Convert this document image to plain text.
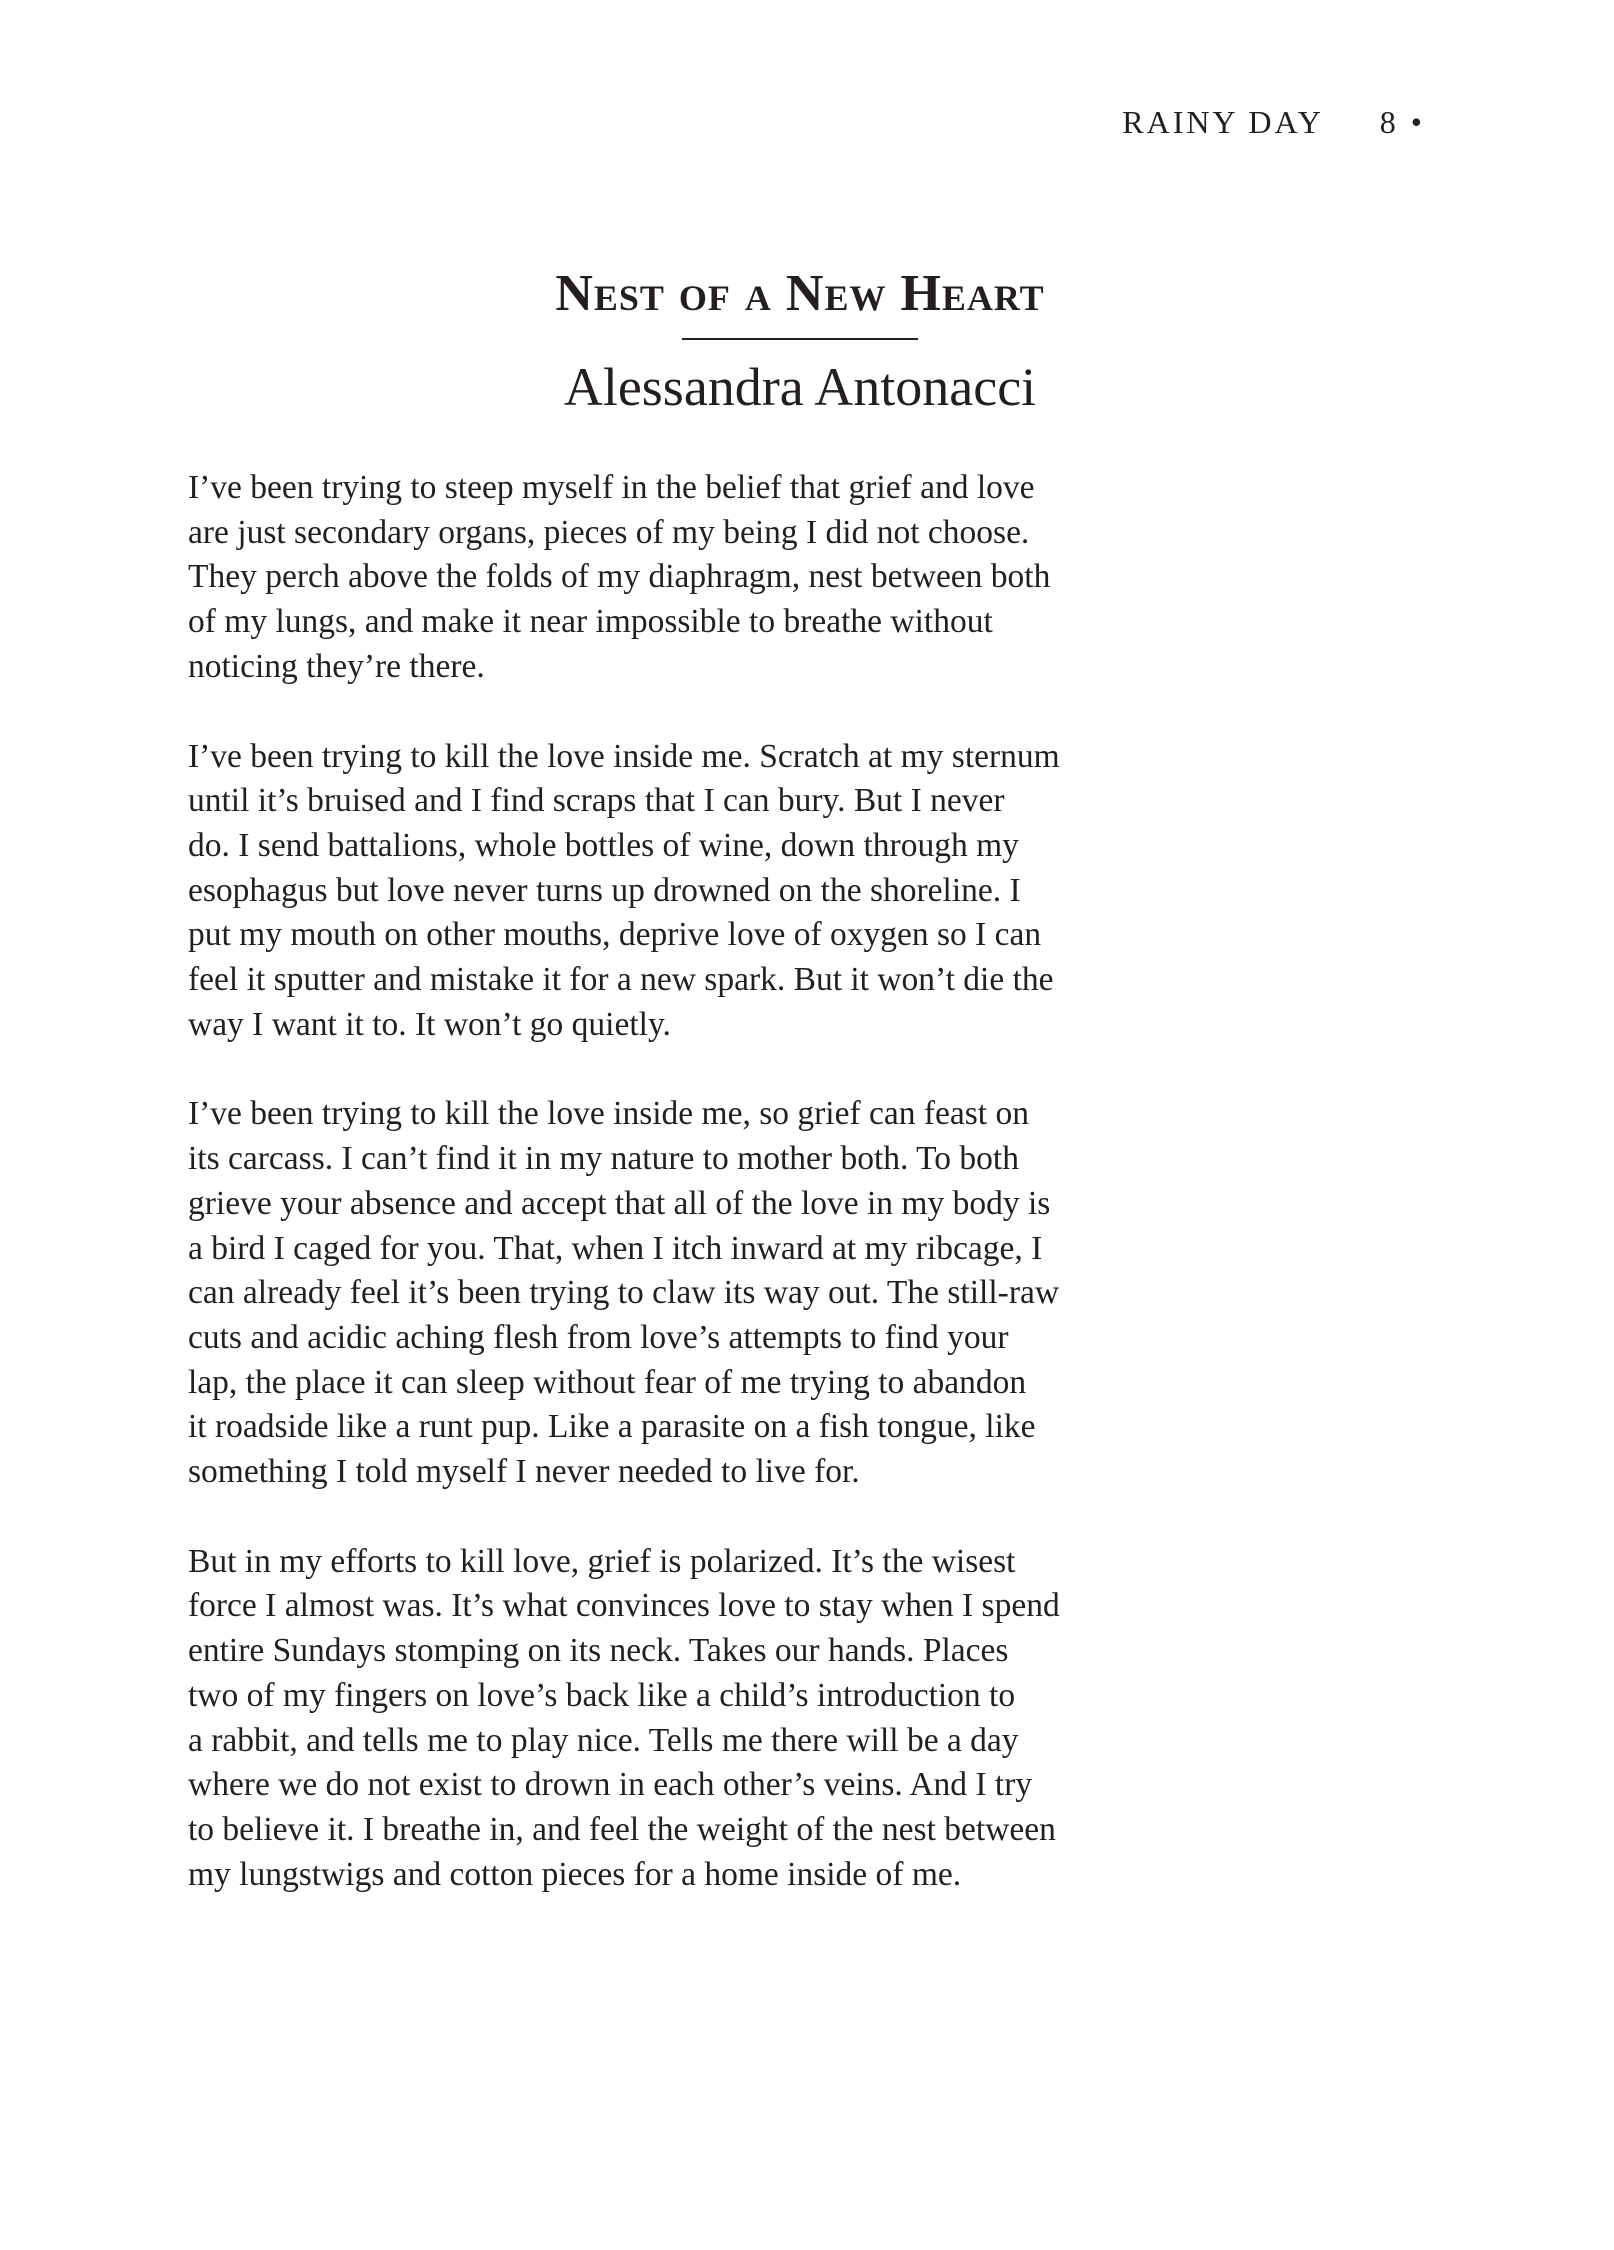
RAINY DAY 8 •
Nest of a New Heart
Alessandra Antonacci

I’ve been trying to steep myself in the belief that grief and love
are just secondary organs, pieces of my being I did not choose.
They perch above the folds of my diaphragm, nest between both
of my lungs, and make it near impossible to breathe without
noticing they’re there.

I’ve been trying to kill the love inside me. Scratch at my sternum
until it’s bruised and I find scraps that I can bury. But I never
do. I send battalions, whole bottles of wine, down through my
esophagus but love never turns up drowned on the shoreline. I
put my mouth on other mouths, deprive love of oxygen so I can
feel it sputter and mistake it for a new spark. But it won’t die the
way I want it to. It won’t go quietly.

I’ve been trying to kill the love inside me, so grief can feast on
its carcass. I can’t find it in my nature to mother both. To both
grieve your absence and accept that all of the love in my body is
a bird I caged for you. That, when I itch inward at my ribcage, I
can already feel it’s been trying to claw its way out. The still-raw
cuts and acidic aching flesh from love’s attempts to find your
lap, the place it can sleep without fear of me trying to abandon
it roadside like a runt pup. Like a parasite on a fish tongue, like
something I told myself I never needed to live for.

But in my efforts to kill love, grief is polarized. It’s the wisest
force I almost was. It’s what convinces love to stay when I spend
entire Sundays stomping on its neck. Takes our hands. Places
two of my fingers on love’s back like a child’s introduction to
a rabbit, and tells me to play nice. Tells me there will be a day
where we do not exist to drown in each other’s veins. And I try
to believe it. I breathe in, and feel the weight of the nest between
my lungstwigs and cotton pieces for a home inside of me.
